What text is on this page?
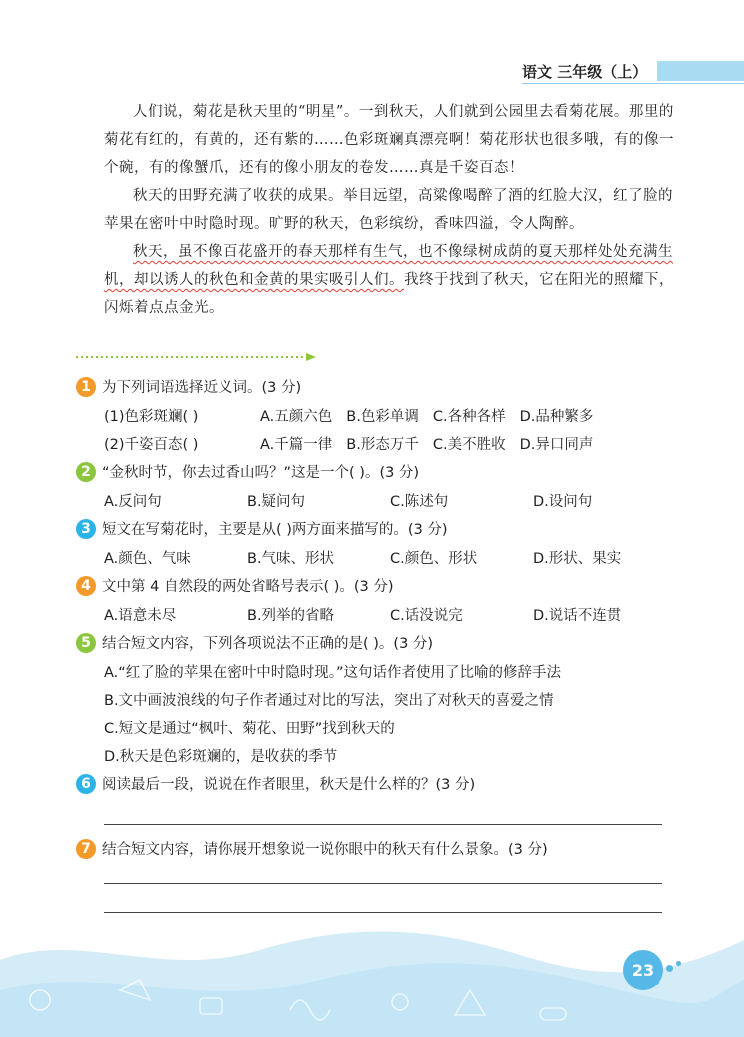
语文 三年级（上）

人们说，菊花是秋天里的“明星”。一到秋天，人们就到公园里去看菊花展。那里的菊花有红的，有黄的，还有紫的……色彩斑斓真漂亮啊！菊花形状也很多哦，有的像一个碗，有的像蟹爪，还有的像小朋友的卷发……真是千姿百态！

秋天的田野充满了收获的成果。举目远望，高粱像喝醉了酒的红脸大汉，红了脸的苹果在密叶中时隐时现。旷野的秋天，色彩缤纷，香味四溢，令人陶醉。

秋天，虽不像百花盛开的春天那样有生气，也不像绿树成荫的夏天那样处处充满生机，却以诱人的秋色和金黄的果实吸引人们。我终于找到了秋天，它在阳光的照耀下，闪烁着点点金光。

1 为下列词语选择近义词。(3 分)
(1)色彩斑斓( )	A.五颜六色 B.色彩单调 C.各种各样 D.品种繁多
(2)千姿百态( )	A.千篇一律 B.形态万千 C.美不胜收 D.异口同声
2 “金秋时节，你去过香山吗？”这是一个( )。(3 分)
A.反问句	B.疑问句	C.陈述句	D.设问句
3 短文在写菊花时，主要是从( )两方面来描写的。(3 分)
A.颜色、气味	B.气味、形状	C.颜色、形状	D.形状、果实
4 文中第 4 自然段的两处省略号表示( )。(3 分)
A.语意未尽	B.列举的省略	C.话没说完	D.说话不连贯
5 结合短文内容，下列各项说法不正确的是( )。(3 分)
A.“红了脸的苹果在密叶中时隐时现。”这句话作者使用了比喻的修辞手法
B.文中画波浪线的句子作者通过对比的写法，突出了对秋天的喜爱之情
C.短文是通过“枫叶、菊花、田野”找到秋天的
D.秋天是色彩斑斓的，是收获的季节
6 阅读最后一段，说说在作者眼里，秋天是什么样的？(3 分)
7 结合短文内容，请你展开想象说一说你眼中的秋天有什么景象。(3 分)
23
